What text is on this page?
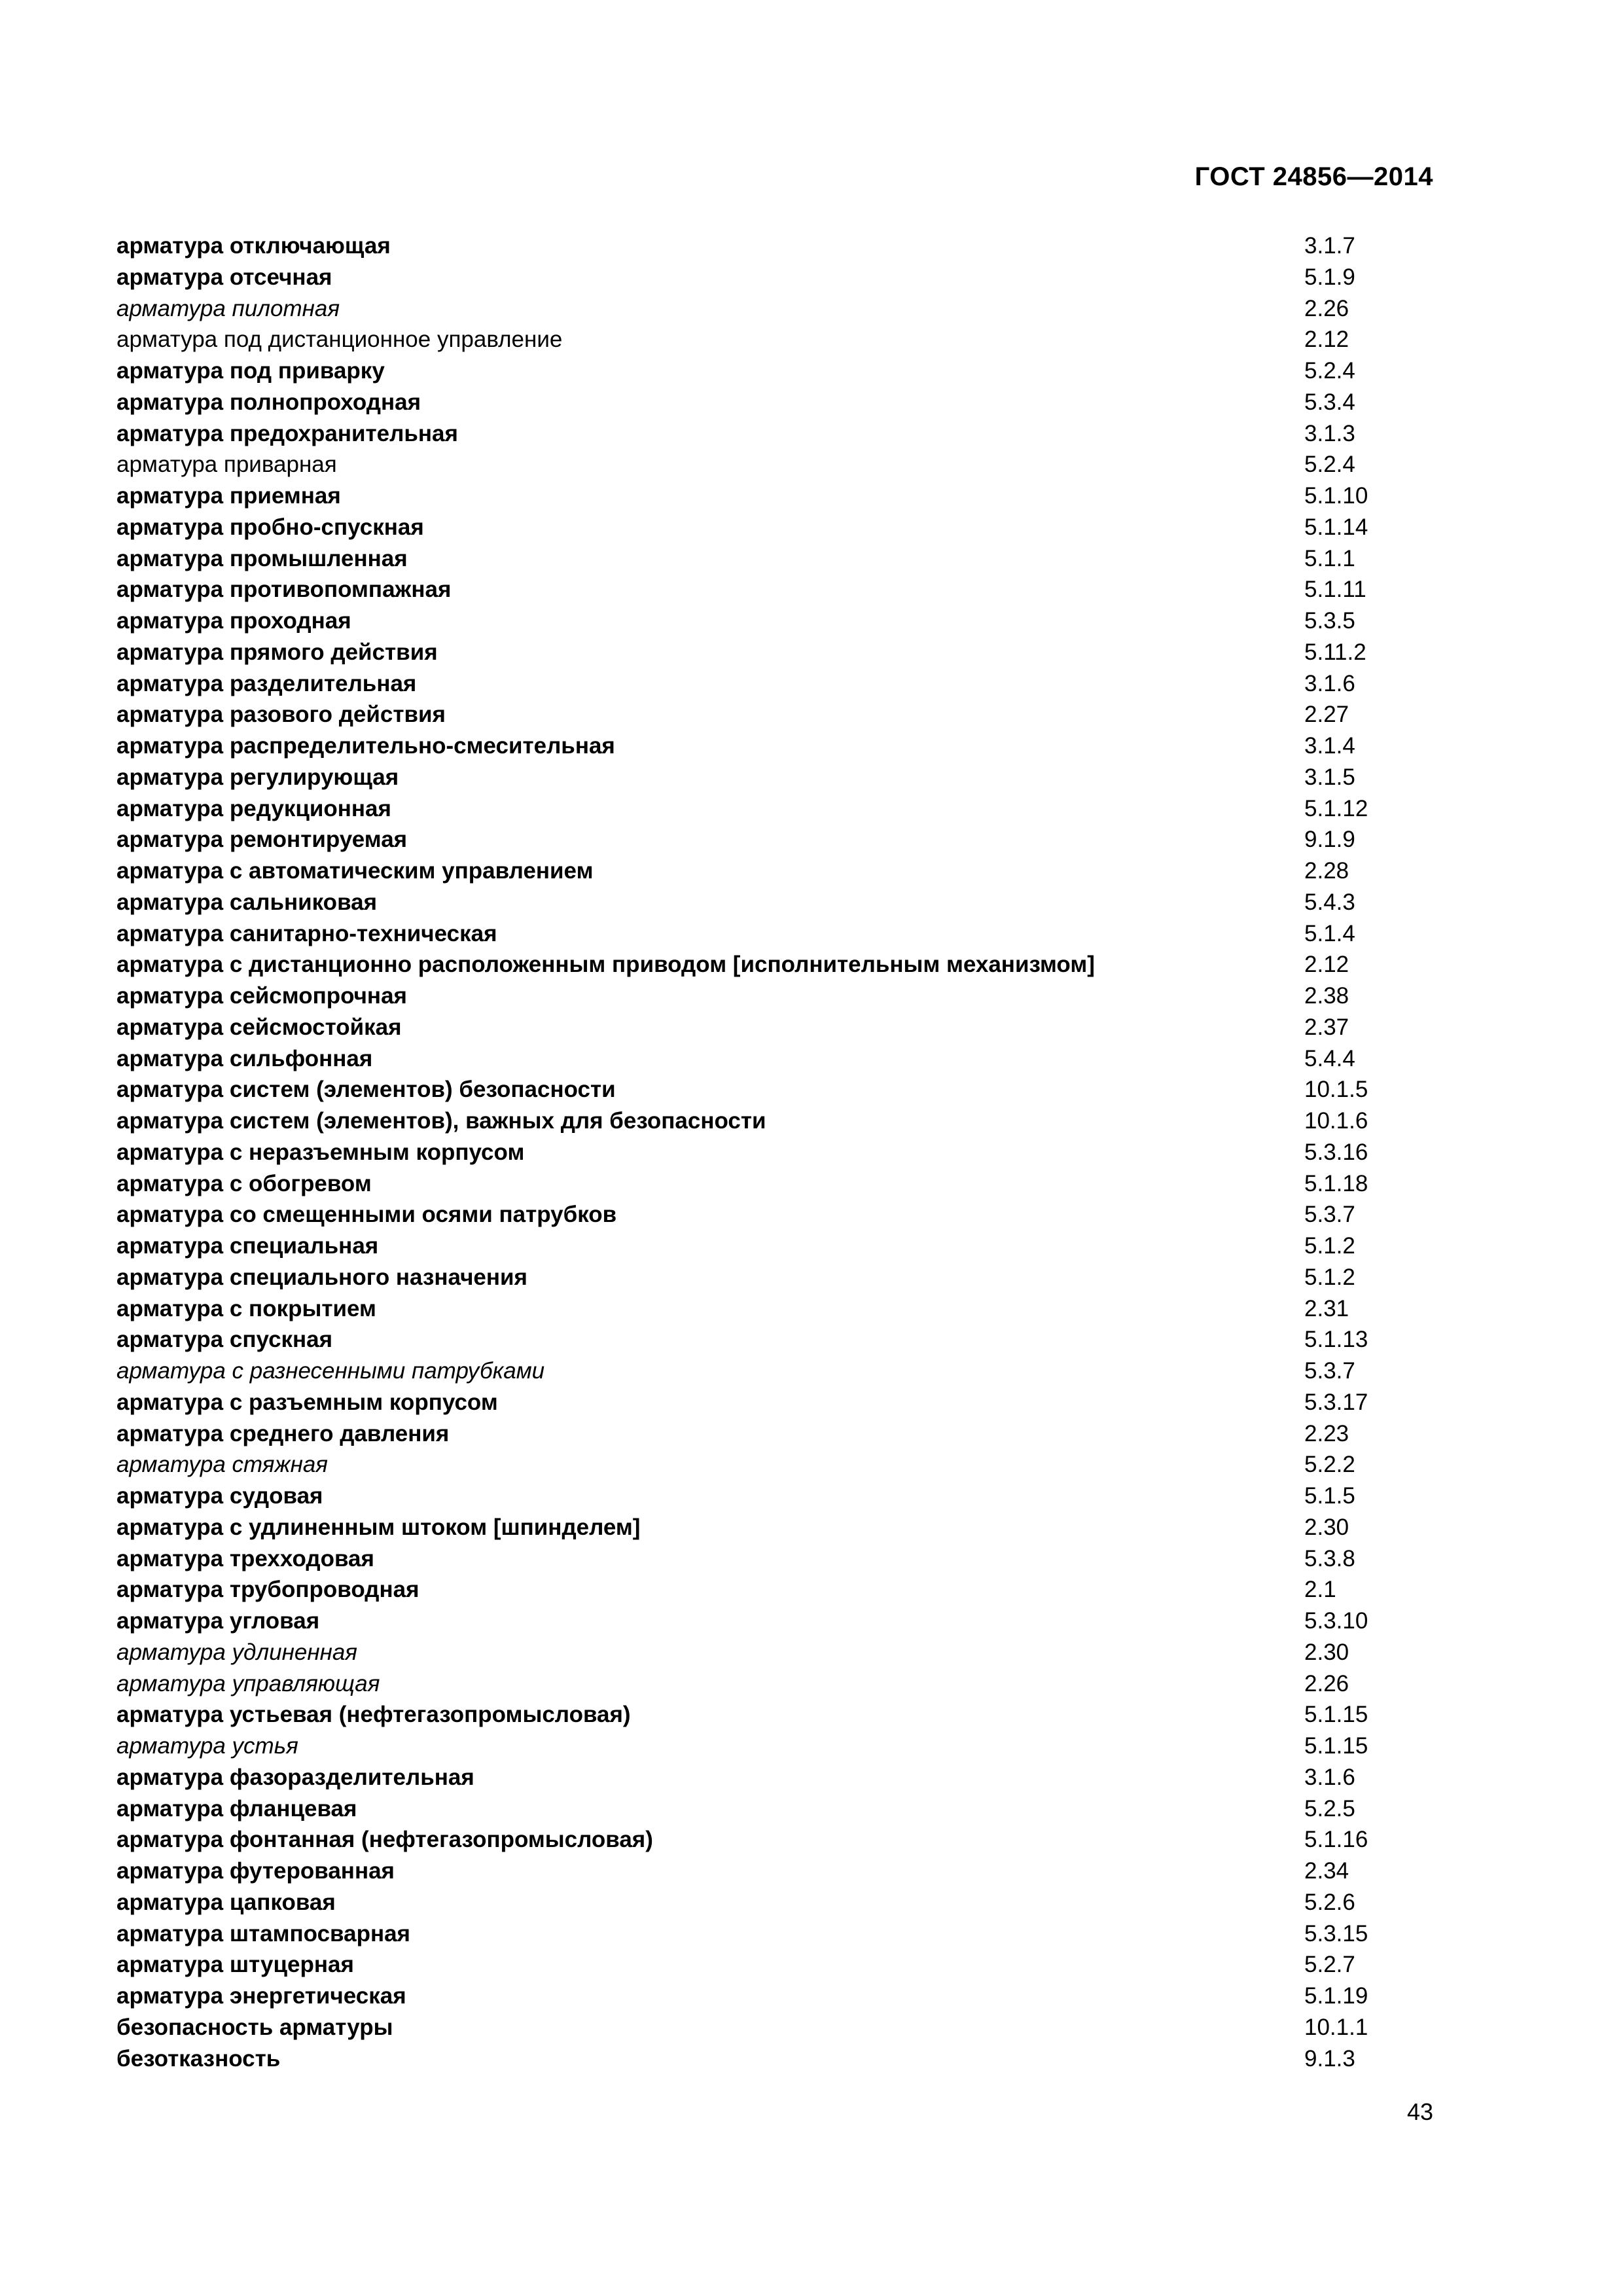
ГОСТ 24856—2014
арматура отключающая	3.1.7
арматура отсечная	5.1.9
арматура пилотная	2.26
арматура под дистанционное управление	2.12
арматура под приварку	5.2.4
арматура полнопроходная	5.3.4
арматура предохранительная	3.1.3
арматура приварная	5.2.4
арматура приемная	5.1.10
арматура пробно-спускная	5.1.14
арматура промышленная	5.1.1
арматура противопомпажная	5.1.11
арматура проходная	5.3.5
арматура прямого действия	5.11.2
арматура разделительная	3.1.6
арматура разового действия	2.27
арматура распределительно-смесительная	3.1.4
арматура регулирующая	3.1.5
арматура редукционная	5.1.12
арматура ремонтируемая	9.1.9
арматура с автоматическим управлением	2.28
арматура сальниковая	5.4.3
арматура санитарно-техническая	5.1.4
арматура с дистанционно расположенным приводом [исполнительным механизмом]	2.12
арматура сейсмопрочная	2.38
арматура сейсмостойкая	2.37
арматура сильфонная	5.4.4
арматура систем (элементов) безопасности	10.1.5
арматура систем (элементов), важных для безопасности	10.1.6
арматура с неразъемным корпусом	5.3.16
арматура с обогревом	5.1.18
арматура со смещенными осями патрубков	5.3.7
арматура специальная	5.1.2
арматура специального назначения	5.1.2
арматура с покрытием	2.31
арматура спускная	5.1.13
арматура с разнесенными патрубками	5.3.7
арматура с разъемным корпусом	5.3.17
арматура среднего давления	2.23
арматура стяжная	5.2.2
арматура судовая	5.1.5
арматура с удлиненным штоком [шпинделем]	2.30
арматура трехходовая	5.3.8
арматура трубопроводная	2.1
арматура угловая	5.3.10
арматура удлиненная	2.30
арматура управляющая	2.26
арматура устьевая (нефтегазопромысловая)	5.1.15
арматура устья	5.1.15
арматура фазоразделительная	3.1.6
арматура фланцевая	5.2.5
арматура фонтанная (нефтегазопромысловая)	5.1.16
арматура футерованная	2.34
арматура цапковая	5.2.6
арматура штампосварная	5.3.15
арматура штуцерная	5.2.7
арматура энергетическая	5.1.19
безопасность арматуры	10.1.1
безотказность	9.1.3
43
